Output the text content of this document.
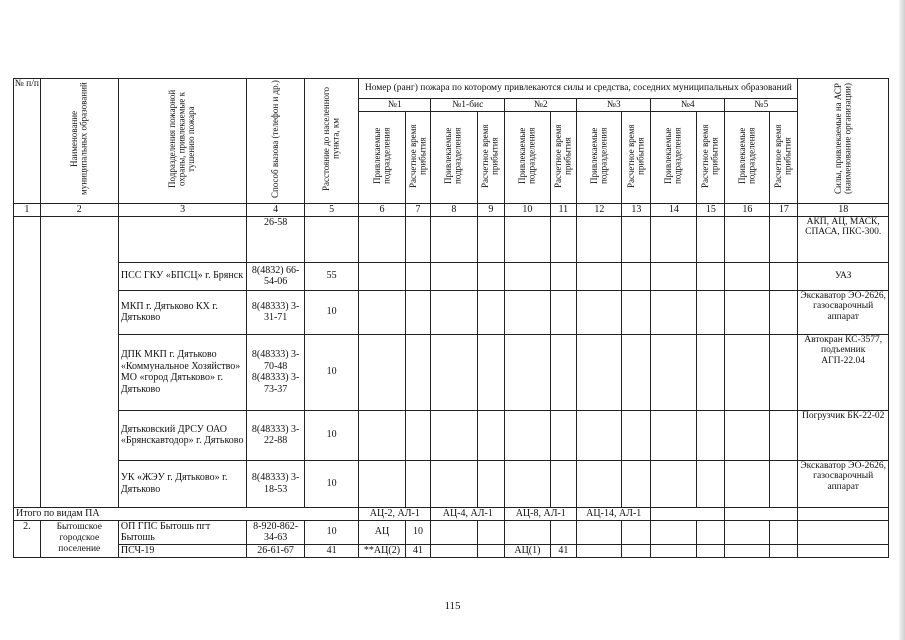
№ п/п	Наименование муниципальных образований	Подразделения пожарной охраны, привлекаемые к тушению пожара	Способ вызова (телефон и др.)	Расстояние до населенного пункта, км	Номер (ранг) пожара по которому привлекаются силы и средства, соседних муниципальных образований												Силы, привлекаемые на АСР (наименование организации)
					№1		№1-бис		№2		№3		№4		№5		
					Привлекаемые подразделения	Расчетное время прибытия	Привлекаемые подразделения	Расчетное время прибытия	Привлекаемые подразделения	Расчетное время прибытия	Привлекаемые подразделения	Расчетное время прибытия	Привлекаемые подразделения	Расчетное время прибытия	Привлекаемые подразделения	Расчетное время прибытия	
1	2	3	4	5	6	7	8	9	10	11	12	13	14	15	16	17	18
			26-58														АКП, АЦ, МАСК, СПАСА, ПКС-300.
		ПСС ГКУ «БПСЦ» г. Брянск	8(4832) 66-54-06	55													УАЗ
		МКП г. Дятьково КХ г. Дятьково	8(48333) 3-31-71	10													Экскаватор ЭО-2626, газосварочный аппарат
		ДПК МКП г. Дятьково «Коммунальное Хозяйство» МО «город Дятьково» г. Дятьково	8(48333) 3-70-48 8(48333) 3-73-37	10													Автокран КС-3577, подъемник АГП-22.04
		Дятьковский ДРСУ ОАО «Брянскавтодор» г. Дятьково	8(48333) 3-22-88	10													Погрузчик БК-22-02
		УК «ЖЭУ г. Дятьково» г. Дятьково	8(48333) 3-18-53	10													Экскаватор ЭО-2626, газосварочный аппарат
Итого по видам ПА					АЦ-2, АЛ-1		АЦ-4, АЛ-1		АЦ-8, АЛ-1		АЦ-14, АЛ-1						
2.	Бытошское городское поселение	ОП ГПС Бытошь пгт Бытошь	8-920-862-34-63	10	АЦ	10											
		ПСЧ-19	26-61-67	41	**АЦ(2)	41			АЦ(1)	41							
115
